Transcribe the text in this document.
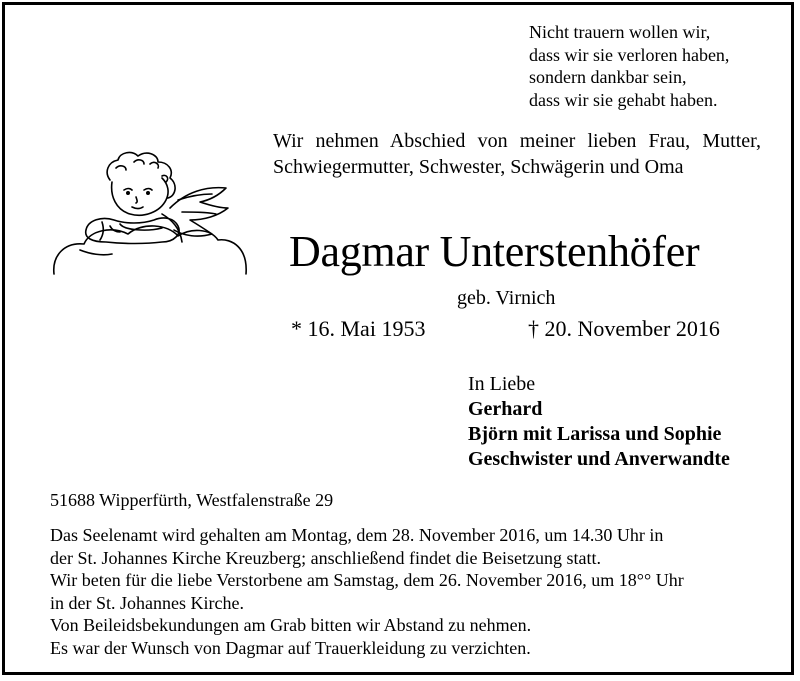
Nicht trauern wollen wir,
dass wir sie verloren haben,
sondern dankbar sein,
dass wir sie gehabt haben.
Wir nehmen Abschied von meiner lieben Frau, Mutter, Schwiegermutter, Schwester, Schwägerin und Oma
Dagmar Unterstenhöfer
geb. Virnich
* 16. Mai 1953	† 20. November 2016
In Liebe
Gerhard
Björn mit Larissa und Sophie
Geschwister und Anverwandte
51688 Wipperfürth, Westfalenstraße 29
Das Seelenamt wird gehalten am Montag, dem 28. November 2016, um 14.30 Uhr in
der St. Johannes Kirche Kreuzberg; anschließend findet die Beisetzung statt.
Wir beten für die liebe Verstorbene am Samstag, dem 26. November 2016, um 18°° Uhr
in der St. Johannes Kirche.
Von Beileidsbekundungen am Grab bitten wir Abstand zu nehmen.
Es war der Wunsch von Dagmar auf Trauerkleidung zu verzichten.
